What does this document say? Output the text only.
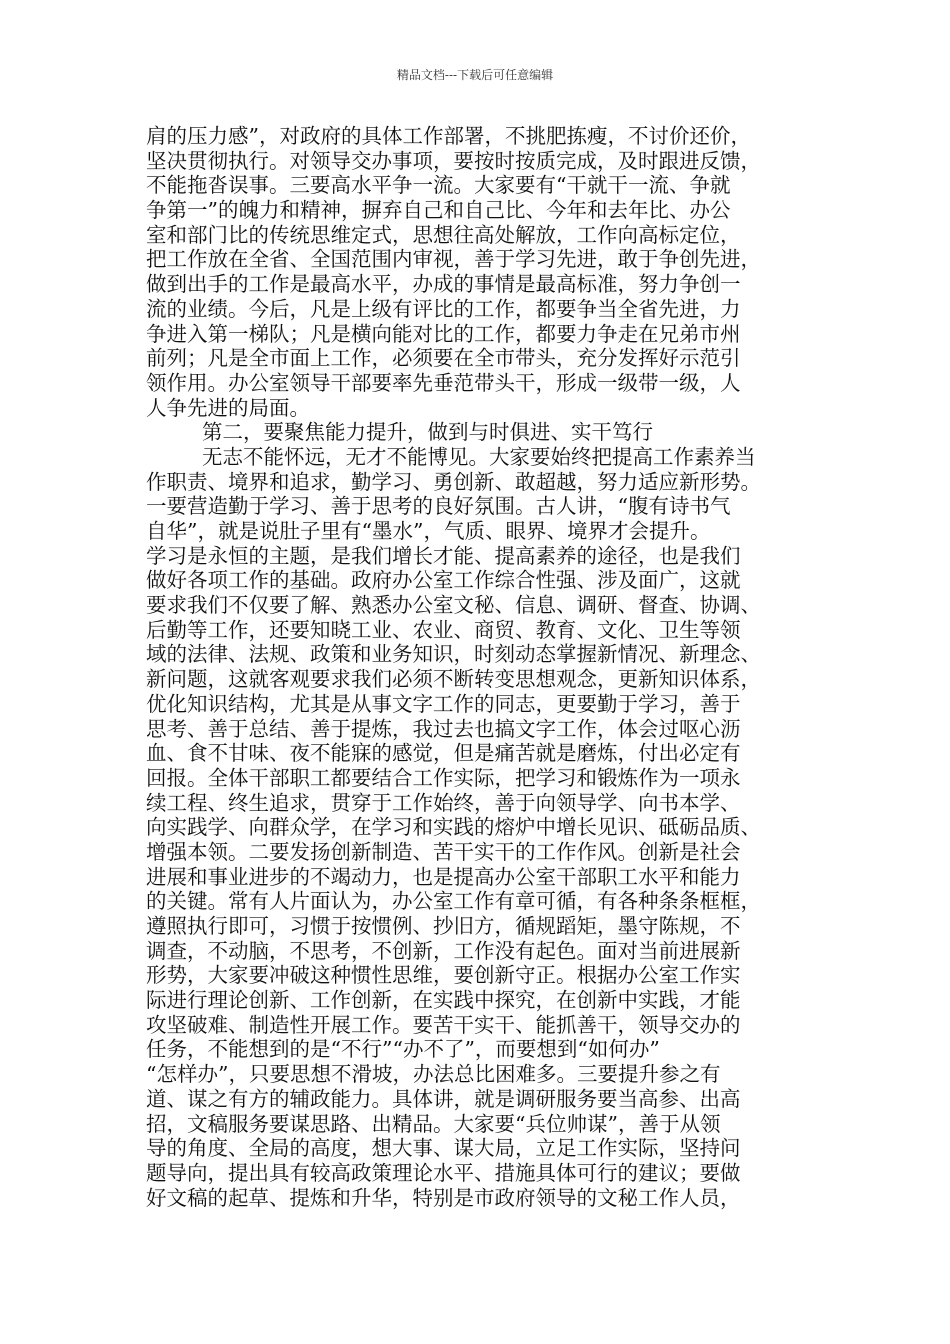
精品文档---下载后可任意编辑
肩的压力感”，对政府的具体工作部署，不挑肥拣瘦，不讨价还价，
坚决贯彻执行。对领导交办事项，要按时按质完成，及时跟进反馈，
不能拖沓误事。三要高水平争一流。大家要有“干就干一流、争就
争第一”的魄力和精神，摒弃自己和自己比、今年和去年比、办公
室和部门比的传统思维定式，思想往高处解放，工作向高标定位，
把工作放在全省、全国范围内审视，善于学习先进，敢于争创先进，
做到出手的工作是最高水平，办成的事情是最高标准，努力争创一
流的业绩。今后，凡是上级有评比的工作，都要争当全省先进，力
争进入第一梯队；凡是横向能对比的工作，都要力争走在兄弟市州
前列；凡是全市面上工作，必须要在全市带头，充分发挥好示范引
领作用。办公室领导干部要率先垂范带头干，形成一级带一级，人
人争先进的局面。
第二，要聚焦能力提升，做到与时俱进、实干笃行
无志不能怀远，无才不能博见。大家要始终把提高工作素养当
作职责、境界和追求，勤学习、勇创新、敢超越，努力适应新形势。
一要营造勤于学习、善于思考的良好氛围。古人讲，“腹有诗书气
自华”，就是说肚子里有“墨水”，气质、眼界、境界才会提升。
学习是永恒的主题，是我们增长才能、提高素养的途径，也是我们
做好各项工作的基础。政府办公室工作综合性强、涉及面广，这就
要求我们不仅要了解、熟悉办公室文秘、信息、调研、督查、协调、
后勤等工作，还要知晓工业、农业、商贸、教育、文化、卫生等领
域的法律、法规、政策和业务知识，时刻动态掌握新情况、新理念、
新问题，这就客观要求我们必须不断转变思想观念，更新知识体系，
优化知识结构，尤其是从事文字工作的同志，更要勤于学习，善于
思考、善于总结、善于提炼，我过去也搞文字工作，体会过呕心沥
血、食不甘味、夜不能寐的感觉，但是痛苦就是磨炼，付出必定有
回报。全体干部职工都要结合工作实际，把学习和锻炼作为一项永
续工程、终生追求，贯穿于工作始终，善于向领导学、向书本学、
向实践学、向群众学，在学习和实践的熔炉中增长见识、砥砺品质、
增强本领。二要发扬创新制造、苦干实干的工作作风。创新是社会
进展和事业进步的不竭动力，也是提高办公室干部职工水平和能力
的关键。常有人片面认为，办公室工作有章可循，有各种条条框框，
遵照执行即可，习惯于按惯例、抄旧方，循规蹈矩，墨守陈规，不
调查，不动脑，不思考，不创新，工作没有起色。面对当前进展新
形势，大家要冲破这种惯性思维，要创新守正。根据办公室工作实
际进行理论创新、工作创新，在实践中探究，在创新中实践，才能
攻坚破难、制造性开展工作。要苦干实干、能抓善干，领导交办的
任务，不能想到的是“不行”“办不了”，而要想到“如何办”
“怎样办”，只要思想不滑坡，办法总比困难多。三要提升参之有
道、谋之有方的辅政能力。具体讲，就是调研服务要当高参、出高
招，文稿服务要谋思路、出精品。大家要“兵位帅谋”，善于从领
导的角度、全局的高度，想大事、谋大局，立足工作实际，坚持问
题导向，提出具有较高政策理论水平、措施具体可行的建议；要做
好文稿的起草、提炼和升华，特别是市政府领导的文秘工作人员，
